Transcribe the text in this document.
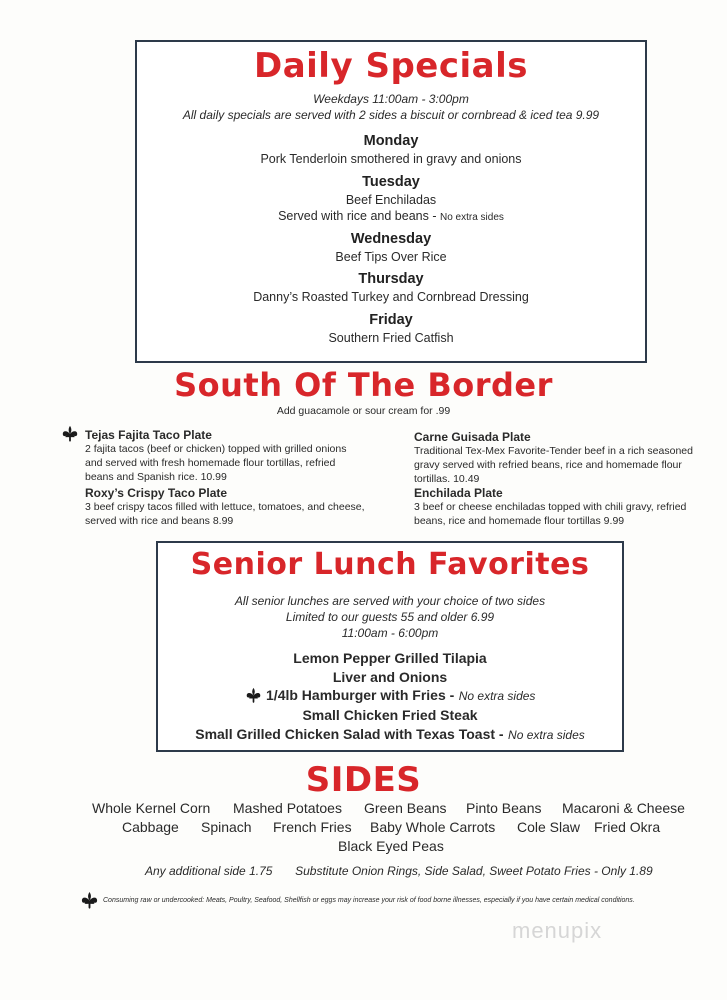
Daily Specials
Weekdays 11:00am - 3:00pm
All daily specials are served with 2 sides a biscuit or cornbread & iced tea 9.99
Monday
Pork Tenderloin smothered in gravy and onions
Tuesday
Beef Enchiladas
Served with rice and beans - No extra sides
Wednesday
Beef Tips Over Rice
Thursday
Danny’s Roasted Turkey and Cornbread Dressing
Friday
Southern Fried Catfish
South Of The Border
Add guacamole or sour cream for .99
Tejas Fajita Taco Plate
2 fajita tacos (beef or chicken) topped with grilled onions
and served with fresh homemade flour tortillas, refried
beans and Spanish rice. 10.99
Roxy’s Crispy Taco Plate
3 beef crispy tacos filled with lettuce, tomatoes, and cheese,
served with rice and beans 8.99
Carne Guisada Plate
Traditional Tex-Mex Favorite-Tender beef in a rich seasoned
gravy served with refried beans, rice and homemade flour
tortillas. 10.49
Enchilada Plate
3 beef or cheese enchiladas topped with chili gravy, refried
beans, rice and homemade flour tortillas 9.99
Senior Lunch Favorites
All senior lunches are served with your choice of two sides
Limited to our guests 55 and older 6.99
11:00am - 6:00pm
Lemon Pepper Grilled Tilapia
Liver and Onions
1/4lb Hamburger with Fries - No extra sides
Small Chicken Fried Steak
Small Grilled Chicken Salad with Texas Toast - No extra sides
SIDES
Whole Kernel Corn Mashed Potatoes Green Beans Pinto Beans Macaroni & Cheese
Cabbage Spinach French Fries Baby Whole Carrots Cole Slaw Fried Okra
Black Eyed Peas
Any additional side 1.75 Substitute Onion Rings, Side Salad, Sweet Potato Fries - Only 1.89
Consuming raw or undercooked: Meats, Poultry, Seafood, Shellfish or eggs may increase your risk of food borne illnesses, especially if you have certain medical conditions.
menupix
